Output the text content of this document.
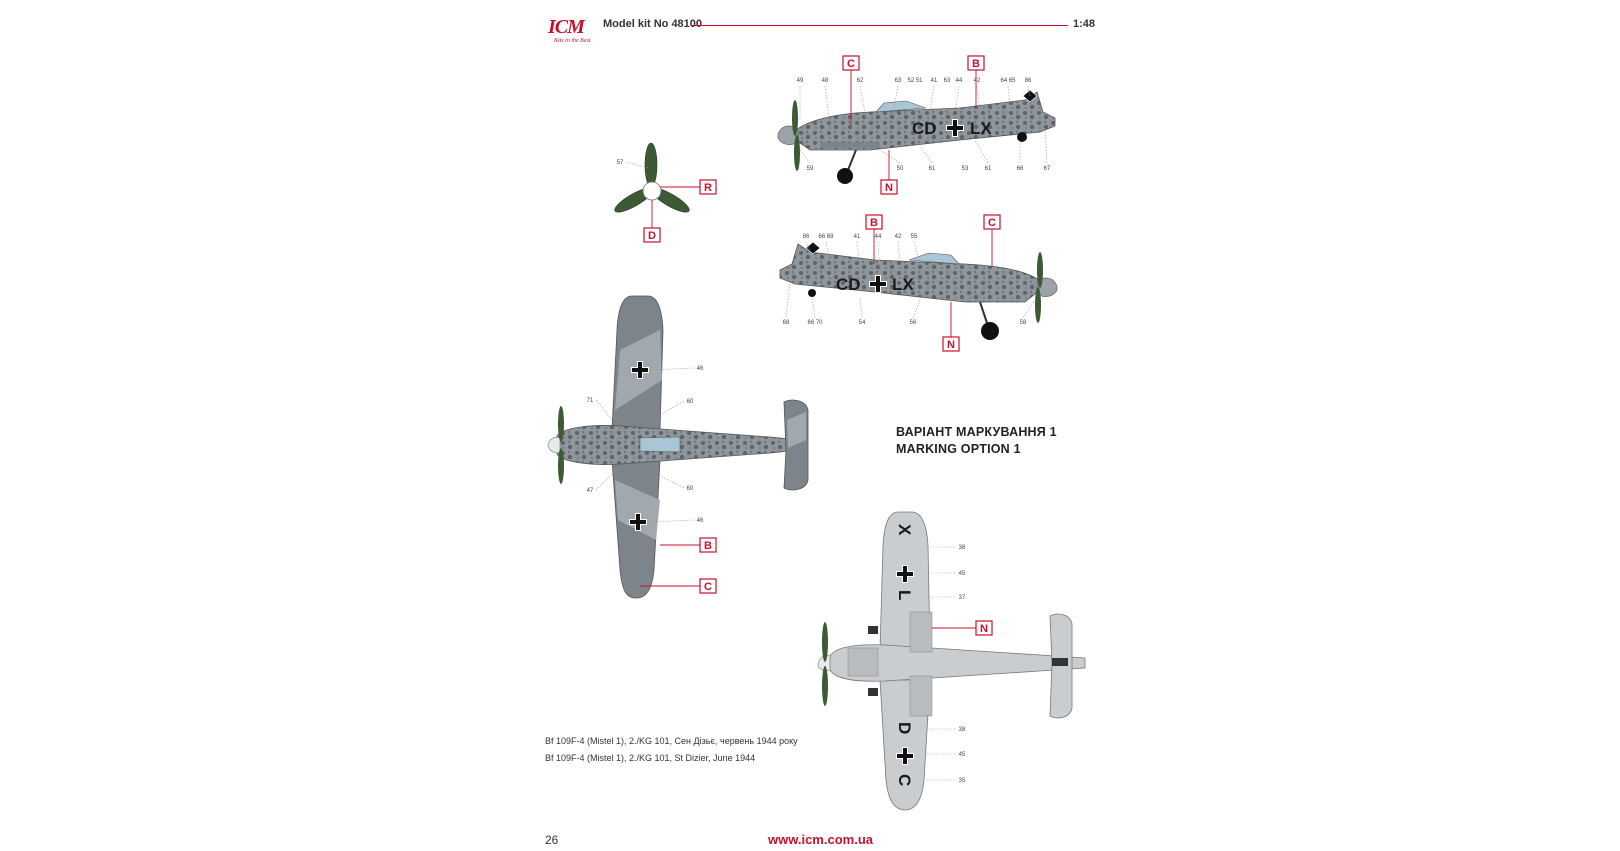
ICM
Kits in the Best
Model kit No 48100	1:48
CD LX
49	48	62	63 52 51 41 63 44 42	64 65 86
59	50	61	53	61	66	67
CD LX
86 66 69	41 44 42 55
68	66 70	54	56	58
57
46
71	60
47	60
46
X
L
D
C
38
45
37
38
45
35
C	B
N
B	C
N
R
D
B
C
N
ВАРІАНТ МАРКУВАННЯ 1
MARKING OPTION 1
Bf 109F-4 (Mistel 1), 2./KG 101, Сен Дізьє, червень 1944 року
Bf 109F-4 (Mistel 1), 2./KG 101, St Dizier, June 1944
26	www.icm.com.ua
